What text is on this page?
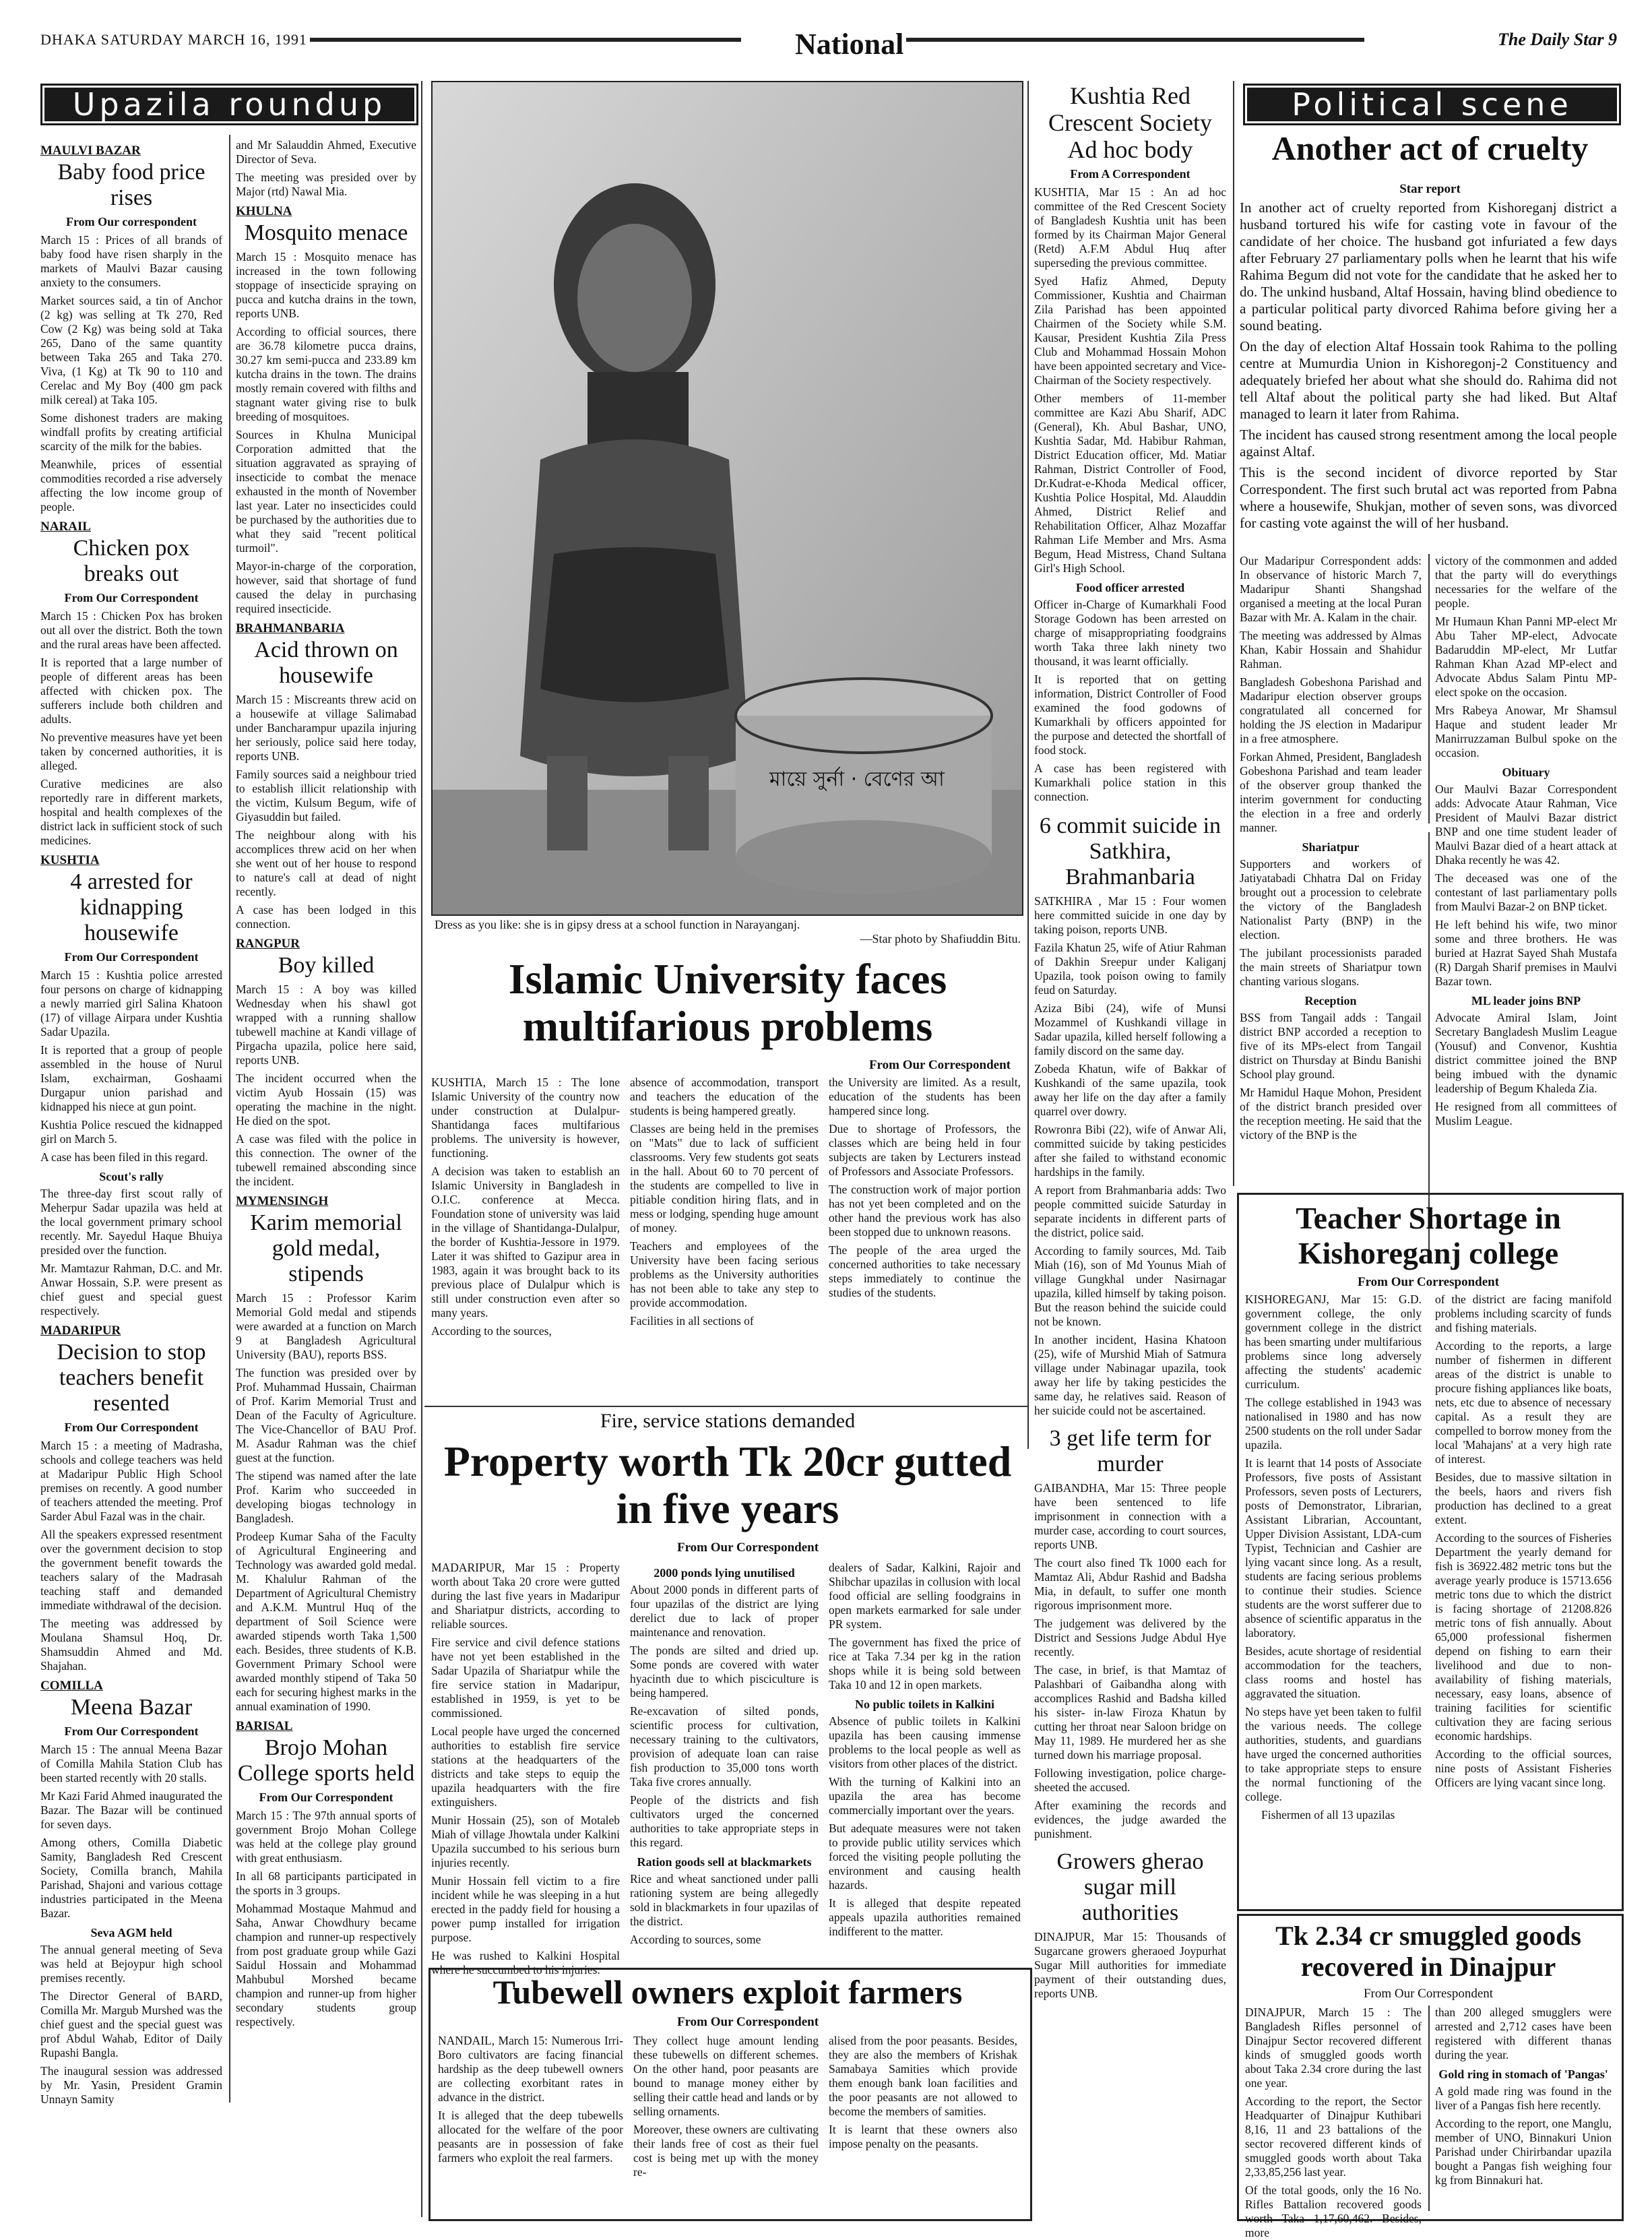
DHAKA SATURDAY MARCH 16, 1991	National	The Daily Star 9
Upazila roundup
MAULVI BAZAR
Baby food price rises
From Our correspondent

March 15 : Prices of all brands of baby food have risen sharply in the markets of Maulvi Bazar causing anxiety to the consumers.

Market sources said, a tin of Anchor (2 kg) was selling at Tk 270, Red Cow (2 Kg) was being sold at Taka 265, Dano of the same quantity between Taka 265 and Taka 270. Viva, (1 Kg) at Tk 90 to 110 and Cerelac and My Boy (400 gm pack milk cereal) at Taka 105.

Some dishonest traders are making windfall profits by creating artificial scarcity of the milk for the babies.

Meanwhile, prices of essential commodities recorded a rise adversely affecting the low income group of people.

NARAIL
Chicken pox breaks out
From Our Correspondent

March 15 : Chicken Pox has broken out all over the district. Both the town and the rural areas have been affected.

It is reported that a large number of people of different areas has been affected with chicken pox. The sufferers include both children and adults.

No preventive measures have yet been taken by concerned authorities, it is alleged.

Curative medicines are also reportedly rare in different markets, hospital and health complexes of the district lack in sufficient stock of such medicines.

KUSHTIA
4 arrested for kidnapping housewife
From Our Correspondent

March 15 : Kushtia police arrested four persons on charge of kidnapping a newly married girl Salina Khatoon (17) of village Airpara under Kushtia Sadar Upazila.

It is reported that a group of people assembled in the house of Nurul Islam, exchairman, Goshaami Durgapur union parishad and kidnapped his niece at gun point.

Kushtia Police rescued the kidnapped girl on March 5.

A case has been filed in this regard.

Scout's rally

The three-day first scout rally of Meherpur Sadar upazila was held at the local government primary school recently. Mr. Sayedul Haque Bhuiya presided over the function.

Mr. Mamtazur Rahman, D.C. and Mr. Anwar Hossain, S.P. were present as chief guest and special guest respectively.

MADARIPUR
Decision to stop teachers benefit resented
From Our Correspondent

March 15 : a meeting of Madrasha, schools and college teachers was held at Madaripur Public High School premises on recently. A good number of teachers attended the meeting. Prof Sarder Abul Fazal was in the chair.

All the speakers expressed resentment over the government decision to stop the government benefit towards the teachers salary of the Madrasah teaching staff and demanded immediate withdrawal of the decision.

The meeting was addressed by Moulana Shamsul Hoq, Dr. Shamsuddin Ahmed and Md. Shajahan.

COMILLA
Meena Bazar
From Our Correspondent

March 15 : The annual Meena Bazar of Comilla Mahila Station Club has been started recently with 20 stalls.

Mr Kazi Farid Ahmed inaugurated the Bazar. The Bazar will be continued for seven days.

Among others, Comilla Diabetic Samity, Bangladesh Red Crescent Society, Comilla branch, Mahila Parishad, Shajoni and various cottage industries participated in the Meena Bazar.

Seva AGM held

The annual general meeting of Seva was held at Bejoypur high school premises recently.

The Director General of BARD, Comilla Mr. Margub Murshed was the chief guest and the special guest was prof Abdul Wahab, Editor of Daily Rupashi Bangla.

The inaugural session was addressed by Mr. Yasin, President Gramin Unnayn Samity

and Mr Salauddin Ahmed, Executive Director of Seva.

The meeting was presided over by Major (rtd) Nawal Mia.

KHULNA
Mosquito menace

March 15 : Mosquito menace has increased in the town following stoppage of insecticide spraying on pucca and kutcha drains in the town, reports UNB.

According to official sources, there are 36.78 kilometre pucca drains, 30.27 km semi-pucca and 233.89 km kutcha drains in the town. The drains mostly remain covered with filths and stagnant water giving rise to bulk breeding of mosquitoes.

Sources in Khulna Municipal Corporation admitted that the situation aggravated as spraying of insecticide to combat the menace exhausted in the month of November last year. Later no insecticides could be purchased by the authorities due to what they said "recent political turmoil".

Mayor-in-charge of the corporation, however, said that shortage of fund caused the delay in purchasing required insecticide.

BRAHMANBARIA
Acid thrown on housewife

March 15 : Miscreants threw acid on a housewife at village Salimabad under Bancharampur upazila injuring her seriously, police said here today, reports UNB.

Family sources said a neighbour tried to establish illicit relationship with the victim, Kulsum Begum, wife of Giyasuddin but failed.

The neighbour along with his accomplices threw acid on her when she went out of her house to respond to nature's call at dead of night recently.

A case has been lodged in this connection.

RANGPUR
Boy killed

March 15 : A boy was killed Wednesday when his shawl got wrapped with a running shallow tubewell machine at Kandi village of Pirgacha upazila, police here said, reports UNB.

The incident occurred when the victim Ayub Hossain (15) was operating the machine in the night. He died on the spot.

A case was filed with the police in this connection. The owner of the tubewell remained absconding since the incident.

MYMENSINGH
Karim memorial gold medal, stipends

March 15 : Professor Karim Memorial Gold medal and stipends were awarded at a function on March 9 at Bangladesh Agricultural University (BAU), reports BSS.

The function was presided over by Prof. Muhammad Hussain, Chairman of Prof. Karim Memorial Trust and Dean of the Faculty of Agriculture. The Vice-Chancellor of BAU Prof. M. Asadur Rahman was the chief guest at the function.

The stipend was named after the late Prof. Karim who succeeded in developing biogas technology in Bangladesh.

Prodeep Kumar Saha of the Faculty of Agricultural Engineering and Technology was awarded gold medal. M. Khalulur Rahman of the Department of Agricultural Chemistry and A.K.M. Muntrul Huq of the department of Soil Science were awarded stipends worth Taka 1,500 each. Besides, three students of K.B. Government Primary School were awarded monthly stipend of Taka 50 each for securing highest marks in the annual examination of 1990.

BARISAL
Brojo Mohan College sports held
From Our Correspondent

March 15 : The 97th annual sports of government Brojo Mohan College was held at the college play ground with great enthusiasm.

In all 68 participants participated in the sports in 3 groups.

Mohammad Mostaque Mahmud and Saha, Anwar Chowdhury became champion and runner-up respectively from post graduate group while Gazi Saidul Hossain and Mohammad Mahbubul Morshed became champion and runner-up from higher secondary students group respectively.

মায়ে সুর্না · বেণের আ
Dress as you like: she is in gipsy dress at a school function in Narayanganj.
—Star photo by Shafiuddin Bitu.
Islamic University faces multifarious problems
From Our Correspondent

KUSHTIA, March 15 : The lone Islamic University of the country now under construction at Dulalpur-Shantidanga faces multifarious problems. The university is however, functioning.

A decision was taken to establish an Islamic University in Bangladesh in O.I.C. conference at Mecca. Foundation stone of university was laid in the village of Shantidanga-Dulalpur, the border of Kushtia-Jessore in 1979. Later it was shifted to Gazipur area in 1983, again it was brought back to its previous place of Dulalpur which is still under construction even after so many years.

According to the sources,

absence of accommodation, transport and teachers the education of the students is being hampered greatly.

Classes are being held in the premises on "Mats" due to lack of sufficient classrooms. Very few students got seats in the hall. About 60 to 70 percent of the students are compelled to live in pitiable condition hiring flats, and in mess or lodging, spending huge amount of money.

Teachers and employees of the University have been facing serious problems as the University authorities has not been able to take any step to provide accommodation.

Facilities in all sections of

the University are limited. As a result, education of the students has been hampered since long.

Due to shortage of Professors, the classes which are being held in four subjects are taken by Lecturers instead of Professors and Associate Professors.

The construction work of major portion has not yet been completed and on the other hand the previous work has also been stopped due to unknown reasons.

The people of the area urged the concerned authorities to take necessary steps immediately to continue the studies of the students.

Fire, service stations demanded
Property worth Tk 20cr gutted in five years
From Our Correspondent

MADARIPUR, Mar 15 : Property worth about Taka 20 crore were gutted during the last five years in Madaripur and Shariatpur districts, according to reliable sources.

Fire service and civil defence stations have not yet been established in the Sadar Upazila of Shariatpur while the fire service station in Madaripur, established in 1959, is yet to be commissioned.

Local people have urged the concerned authorities to establish fire service stations at the headquarters of the districts and take steps to equip the upazila headquarters with the fire extinguishers.

Munir Hossain (25), son of Motaleb Miah of village Jhowtala under Kalkini Upazila succumbed to his serious burn injuries recently.

Munir Hossain fell victim to a fire incident while he was sleeping in a hut erected in the paddy field for housing a power pump installed for irrigation purpose.

He was rushed to Kalkini Hospital where he succumbed to his injuries.

2000 ponds lying unutilised

About 2000 ponds in different parts of four upazilas of the district are lying derelict due to lack of proper maintenance and renovation.

The ponds are silted and dried up. Some ponds are covered with water hyacinth due to which pisciculture is being hampered.

Re-excavation of silted ponds, scientific process for cultivation, necessary training to the cultivators, provision of adequate loan can raise fish production to 35,000 tons worth Taka five crores annually.

People of the districts and fish cultivators urged the concerned authorities to take appropriate steps in this regard.

Ration goods sell at blackmarkets

Rice and wheat sanctioned under palli rationing system are being allegedly sold in blackmarkets in four upazilas of the district.

According to sources, some

dealers of Sadar, Kalkini, Rajoir and Shibchar upazilas in collusion with local food official are selling foodgrains in open markets earmarked for sale under PR system.

The government has fixed the price of rice at Taka 7.34 per kg in the ration shops while it is being sold between Taka 10 and 12 in open markets.

No public toilets in Kalkini

Absence of public toilets in Kalkini upazila has been causing immense problems to the local people as well as visitors from other places of the district.

With the turning of Kalkini into an upazila the area has become commercially important over the years.

But adequate measures were not taken to provide public utility services which forced the visiting people polluting the environment and causing health hazards.

It is alleged that despite repeated appeals upazila authorities remained indifferent to the matter.

Tubewell owners exploit farmers
From Our Correspondent

NANDAIL, March 15: Numerous Irri-Boro cultivators are facing financial hardship as the deep tubewell owners are collecting exorbitant rates in advance in the district.

It is alleged that the deep tubewells allocated for the welfare of the poor peasants are in possession of fake farmers who exploit the real farmers.

They collect huge amount lending these tubewells on different schemes. On the other hand, poor peasants are bound to manage money either by selling their cattle head and lands or by selling ornaments.

Moreover, these owners are cultivating their lands free of cost as their fuel cost is being met up with the money re-

alised from the poor peasants. Besides, they are also the members of Krishak Samabaya Samities which provide them enough bank loan facilities and the poor peasants are not allowed to become the members of samities.

It is learnt that these owners also impose penalty on the peasants.

Kushtia Red Crescent Society Ad hoc body
From A Correspondent

KUSHTIA, Mar 15 : An ad hoc committee of the Red Crescent Society of Bangladesh Kushtia unit has been formed by its Chairman Major General (Retd) A.F.M Abdul Huq after superseding the previous committee.

Syed Hafiz Ahmed, Deputy Commissioner, Kushtia and Chairman Zila Parishad has been appointed Chairmen of the Society while S.M. Kausar, President Kushtia Zila Press Club and Mohammad Hossain Mohon have been appointed secretary and Vice-Chairman of the Society respectively.

Other members of 11-member committee are Kazi Abu Sharif, ADC (General), Kh. Abul Bashar, UNO, Kushtia Sadar, Md. Habibur Rahman, District Education officer, Md. Matiar Rahman, District Controller of Food, Dr.Kudrat-e-Khoda Medical officer, Kushtia Police Hospital, Md. Alauddin Ahmed, District Relief and Rehabilitation Officer, Alhaz Mozaffar Rahman Life Member and Mrs. Asma Begum, Head Mistress, Chand Sultana Girl's High School.

Food officer arrested

Officer in-Charge of Kumarkhali Food Storage Godown has been arrested on charge of misappropriating foodgrains worth Taka three lakh ninety two thousand, it was learnt officially.

It is reported that on getting information, District Controller of Food examined the food godowns of Kumarkhali by officers appointed for the purpose and detected the shortfall of food stock.

A case has been registered with Kumarkhali police station in this connection.

6 commit suicide in Satkhira, Brahmanbaria

SATKHIRA , Mar 15 : Four women here committed suicide in one day by taking poison, reports UNB.

Fazila Khatun 25, wife of Atiur Rahman of Dakhin Sreepur under Kaliganj Upazila, took poison owing to family feud on Saturday.

Aziza Bibi (24), wife of Munsi Mozammel of Kushkandi village in Sadar upazila, killed herself following a family discord on the same day.

Zobeda Khatun, wife of Bakkar of Kushkandi of the same upazila, took away her life on the day after a family quarrel over dowry.

Rowronra Bibi (22), wife of Anwar Ali, committed suicide by taking pesticides after she failed to withstand economic hardships in the family.

A report from Brahmanbaria adds: Two people committed suicide Saturday in separate incidents in different parts of the district, police said.

According to family sources, Md. Taib Miah (16), son of Md Younus Miah of village Gungkhal under Nasirnagar upazila, killed himself by taking poison. But the reason behind the suicide could not be known.

In another incident, Hasina Khatoon (25), wife of Murshid Miah of Satmura village under Nabinagar upazila, took away her life by taking pesticides the same day, he relatives said. Reason of her suicide could not be ascertained.

3 get life term for murder

GAIBANDHA, Mar 15: Three people have been sentenced to life imprisonment in connection with a murder case, according to court sources, reports UNB.

The court also fined Tk 1000 each for Mamtaz Ali, Abdur Rashid and Badsha Mia, in default, to suffer one month rigorous imprisonment more.

The judgement was delivered by the District and Sessions Judge Abdul Hye recently.

The case, in brief, is that Mamtaz of Palashbari of Gaibandha along with accomplices Rashid and Badsha killed his sister- in-law Firoza Khatun by cutting her throat near Saloon bridge on May 11, 1989. He murdered her as she turned down his marriage proposal.

Following investigation, police charge-sheeted the accused.

After examining the records and evidences, the judge awarded the punishment.

Growers gherao sugar mill authorities

DINAJPUR, Mar 15: Thousands of Sugarcane growers gheraoed Joypurhat Sugar Mill authorities for immediate payment of their outstanding dues, reports UNB.

Political scene
Another act of cruelty
Star report

In another act of cruelty reported from Kishoreganj district a husband tortured his wife for casting vote in favour of the candidate of her choice. The husband got infuriated a few days after February 27 parliamentary polls when he learnt that his wife Rahima Begum did not vote for the candidate that he asked her to do. The unkind husband, Altaf Hossain, having blind obedience to a particular political party divorced Rahima before giving her a sound beating.

On the day of election Altaf Hossain took Rahima to the polling centre at Mumurdia Union in Kishoregonj-2 Constituency and adequately briefed her about what she should do. Rahima did not tell Altaf about the political party she had liked. But Altaf managed to learn it later from Rahima.

The incident has caused strong resentment among the local people against Altaf.

This is the second incident of divorce reported by Star Correspondent. The first such brutal act was reported from Pabna where a housewife, Shukjan, mother of seven sons, was divorced for casting vote against the will of her husband.

Our Madaripur Correspondent adds: In observance of historic March 7, Madaripur Shanti Shangshad organised a meeting at the local Puran Bazar with Mr. A. Kalam in the chair.

The meeting was addressed by Almas Khan, Kabir Hossain and Shahidur Rahman.

Bangladesh Gobeshona Parishad and Madaripur election observer groups congratulated all concerned for holding the JS election in Madaripur in a free atmosphere.

Forkan Ahmed, President, Bangladesh Gobeshona Parishad and team leader of the observer group thanked the interim government for conducting the election in a free and orderly manner.

Shariatpur

Supporters and workers of Jatiyatabadi Chhatra Dal on Friday brought out a procession to celebrate the victory of the Bangladesh Nationalist Party (BNP) in the election.

The jubilant processionists paraded the main streets of Shariatpur town chanting various slogans.

Reception

BSS from Tangail adds : Tangail district BNP accorded a reception to five of its MPs-elect from Tangail district on Thursday at Bindu Banishi School play ground.

Mr Hamidul Haque Mohon, President of the district branch presided over the reception meeting. He said that the victory of the BNP is the

victory of the commonmen and added that the party will do everythings necessaries for the welfare of the people.

Mr Humaun Khan Panni MP-elect Mr Abu Taher MP-elect, Advocate Badaruddin MP-elect, Mr Lutfar Rahman Khan Azad MP-elect and Advocate Abdus Salam Pintu MP-elect spoke on the occasion.

Mrs Rabeya Anowar, Mr Shamsul Haque and student leader Mr Manirruzzaman Bulbul spoke on the occasion.

Obituary

Our Maulvi Bazar Correspondent adds: Advocate Ataur Rahman, Vice President of Maulvi Bazar district BNP and one time student leader of Maulvi Bazar died of a heart attack at Dhaka recently he was 42.

The deceased was one of the contestant of last parliamentary polls from Maulvi Bazar-2 on BNP ticket.

He left behind his wife, two minor some and three brothers. He was buried at Hazrat Sayed Shah Mustafa (R) Dargah Sharif premises in Maulvi Bazar town.

ML leader joins BNP

Advocate Amiral Islam, Joint Secretary Bangladesh Muslim League (Yousuf) and Convenor, Kushtia district committee joined the BNP being imbued with the dynamic leadership of Begum Khaleda Zia.

He resigned from all committees of Muslim League.

Teacher Shortage in Kishoreganj college
From Our Correspondent

KISHOREGANJ, Mar 15: G.D. government college, the only government college in the district has been smarting under multifarious problems since long adversely affecting the students' academic curriculum.

The college established in 1943 was nationalised in 1980 and has now 2500 students on the roll under Sadar upazila.

It is learnt that 14 posts of Associate Professors, five posts of Assistant Professors, seven posts of Lecturers, posts of Demonstrator, Librarian, Assistant Librarian, Accountant, Upper Division Assistant, LDA-cum Typist, Technician and Cashier are lying vacant since long. As a result, students are facing serious problems to continue their studies. Science students are the worst sufferer due to absence of scientific apparatus in the laboratory.

Besides, acute shortage of residential accommodation for the teachers, class rooms and hostel has aggravated the situation.

No steps have yet been taken to fulfil the various needs. The college authorities, students, and guardians have urged the concerned authorities to take appropriate steps to ensure the normal functioning of the college.

Fishermen of all 13 upazilas

of the district are facing manifold problems including scarcity of funds and fishing materials.

According to the reports, a large number of fishermen in different areas of the district is unable to procure fishing appliances like boats, nets, etc due to absence of necessary capital. As a result they are compelled to borrow money from the local 'Mahajans' at a very high rate of interest.

Besides, due to massive siltation in the beels, haors and rivers fish production has declined to a great extent.

According to the sources of Fisheries Department the yearly demand for fish is 36922.482 metric tons but the average yearly produce is 15713.656 metric tons due to which the district is facing shortage of 21208.826 metric tons of fish annually. About 65,000 professional fishermen depend on fishing to earn their livelihood and due to non-availability of fishing materials, necessary, easy loans, absence of training facilities for scientific cultivation they are facing serious economic hardships.

According to the official sources, nine posts of Assistant Fisheries Officers are lying vacant since long.

Tk 2.34 cr smuggled goods recovered in Dinajpur
From Our Correspondent

DINAJPUR, March 15 : The Bangladesh Rifles personnel of Dinajpur Sector recovered different kinds of smuggled goods worth about Taka 2.34 crore during the last one year.

According to the report, the Sector Headquarter of Dinajpur Kuthibari 8,16, 11 and 23 battalions of the sector recovered different kinds of smuggled goods worth about Taka 2,33,85,256 last year.

Of the total goods, only the 16 No. Rifles Battalion recovered goods worth Taka 1,17,60,462. Besides, more

than 200 alleged smugglers were arrested and 2,712 cases have been registered with different thanas during the year.

Gold ring in stomach of 'Pangas'

A gold made ring was found in the liver of a Pangas fish here recently.

According to the report, one Manglu, member of UNO, Binnakuri Union Parishad under Chirirbandar upazila bought a Pangas fish weighing four kg from Binnakuri hat.
